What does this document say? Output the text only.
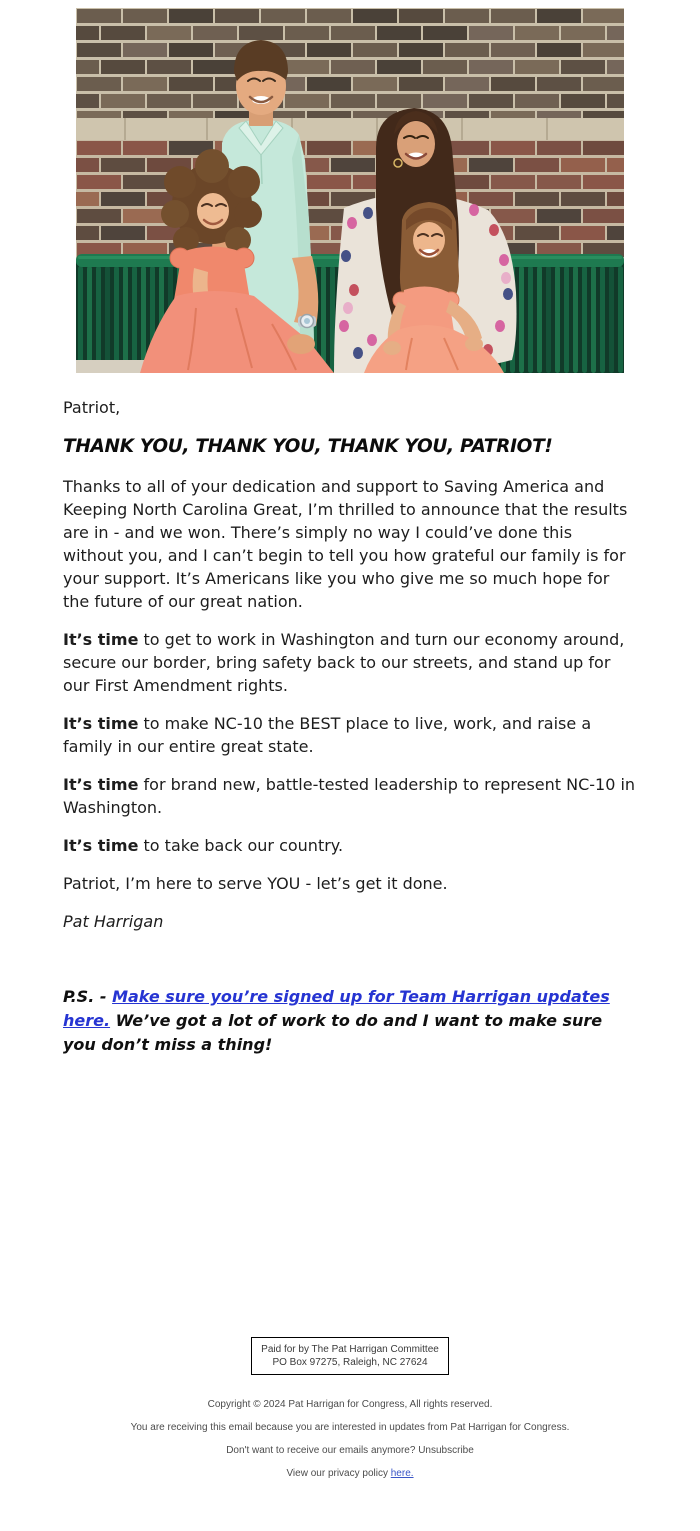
Patriot,

THANK YOU, THANK YOU, THANK YOU, PATRIOT!

Thanks to all of your dedication and support to Saving America and Keeping North Carolina Great, I’m thrilled to announce that the results are in - and we won. There’s simply no way I could’ve done this without you, and I can’t begin to tell you how grateful our family is for your support. It’s Americans like you who give me so much hope for the future of our great nation.

It’s time to get to work in Washington and turn our economy around, secure our border, bring safety back to our streets, and stand up for our First Amendment rights.

It’s time to make NC-10 the BEST place to live, work, and raise a family in our entire great state.

It’s time for brand new, battle-tested leadership to represent NC-10 in Washington.

It’s time to take back our country.

Patriot, I’m here to serve YOU - let’s get it done.

Pat Harrigan

P.S. - Make sure you’re signed up for Team Harrigan updates here. We’ve got a lot of work to do and I want to make sure you don’t miss a thing!

Paid for by The Pat Harrigan Committee
PO Box 97275, Raleigh, NC 27624

Copyright © 2024 Pat Harrigan for Congress, All rights reserved.

You are receiving this email because you are interested in updates from Pat Harrigan for Congress.

Don't want to receive our emails anymore? Unsubscribe

View our privacy policy here.
